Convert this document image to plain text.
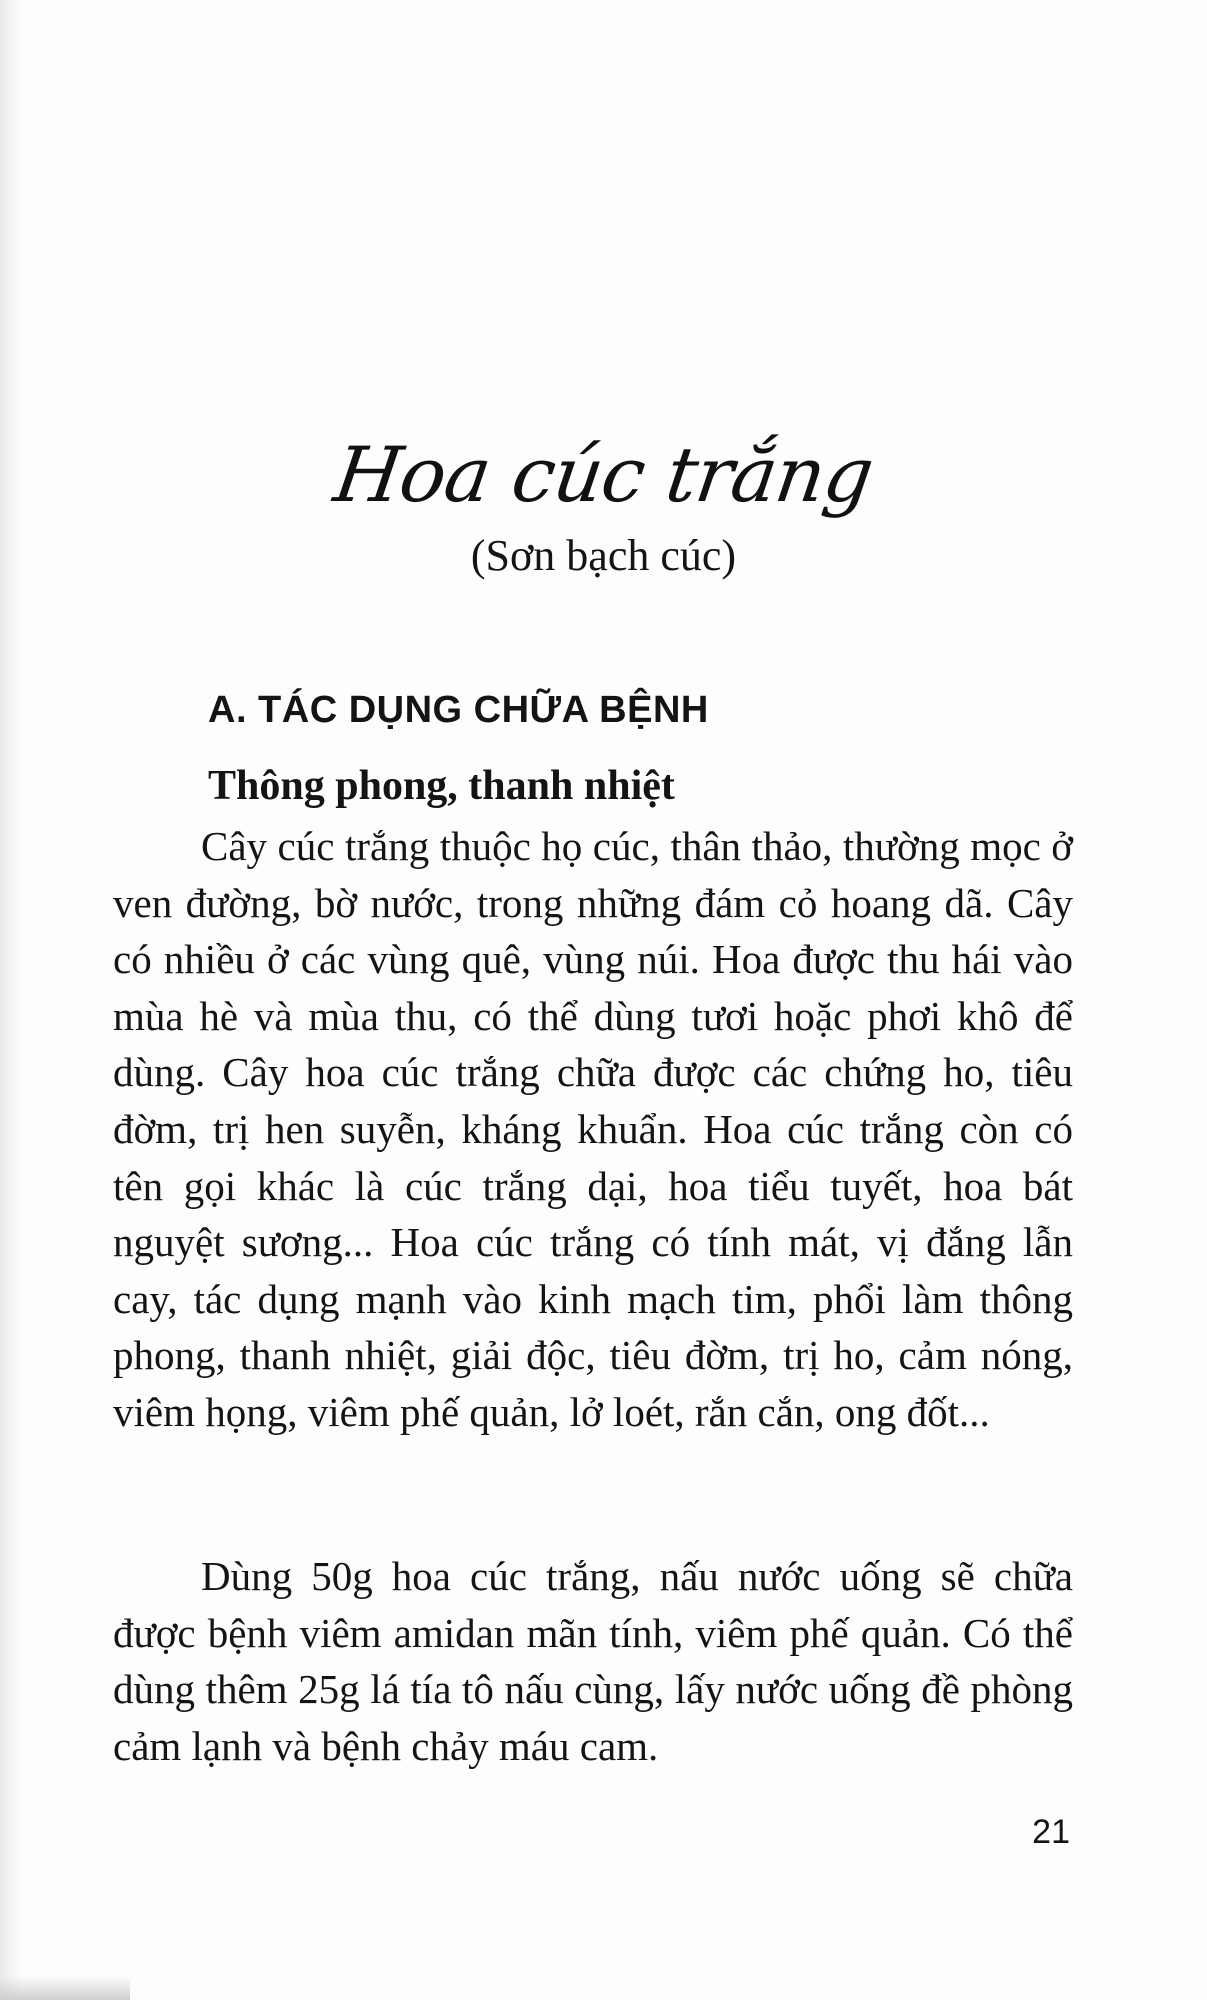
Hoa cúc trắng
(Sơn bạch cúc)
A. TÁC DỤNG CHỮA BỆNH
Thông phong, thanh nhiệt

Cây cúc trắng thuộc họ cúc, thân thảo, thường mọc ở ven đường, bờ nước, trong những đám cỏ hoang dã. Cây có nhiều ở các vùng quê, vùng núi. Hoa được thu hái vào mùa hè và mùa thu, có thể dùng tươi hoặc phơi khô để dùng. Cây hoa cúc trắng chữa được các chứng ho, tiêu đờm, trị hen suyễn, kháng khuẩn. Hoa cúc trắng còn có tên gọi khác là cúc trắng dại, hoa tiểu tuyết, hoa bát nguyệt sương... Hoa cúc trắng có tính mát, vị đắng lẫn cay, tác dụng mạnh vào kinh mạch tim, phổi làm thông phong, thanh nhiệt, giải độc, tiêu đờm, trị ho, cảm nóng, viêm họng, viêm phế quản, lở loét, rắn cắn, ong đốt...

Dùng 50g hoa cúc trắng, nấu nước uống sẽ chữa được bệnh viêm amidan mãn tính, viêm phế quản. Có thể dùng thêm 25g lá tía tô nấu cùng, lấy nước uống đề phòng cảm lạnh và bệnh chảy máu cam.

21
